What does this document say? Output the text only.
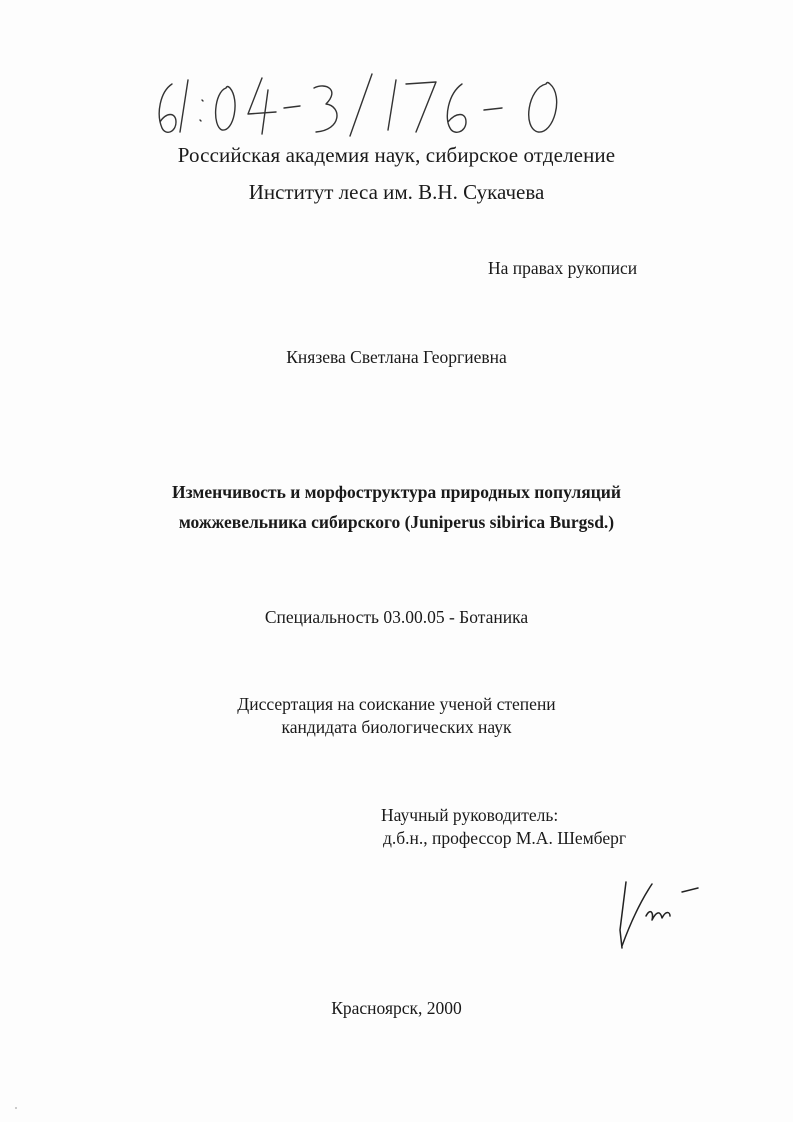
Российская академия наук, сибирское отделение
Институт леса им. В.Н. Сукачева
На правах рукописи
Князева Светлана Георгиевна
Изменчивость и морфоструктура природных популяций
можжевельника сибирского (Juniperus sibirica Burgsd.)
Специальность 03.00.05 - Ботаника
Диссертация на соискание ученой степени
кандидата биологических наук
Научный руководитель:
д.б.н., профессор М.А. Шемберг
Красноярск, 2000
